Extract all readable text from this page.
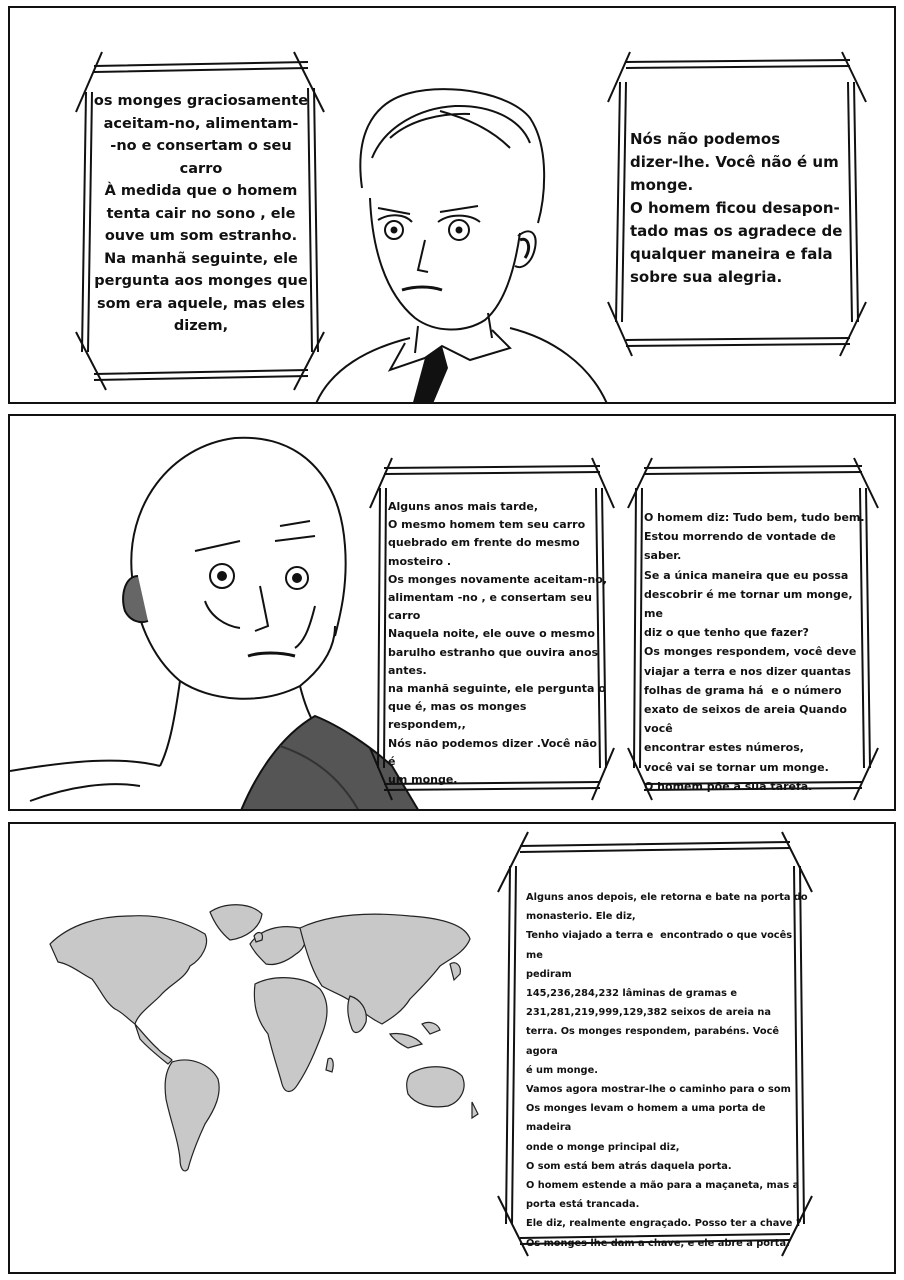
os monges graciosamente
aceitam-no, alimentam-
-no e consertam o seu
carro
À medida que o homem
tenta cair no sono , ele
ouve um som estranho.
Na manhã seguinte, ele
pergunta aos monges que
som era aquele, mas eles
dizem,
Nós não podemos
dizer-lhe. Você não é um
monge.
O homem ficou desapon-
tado mas os agradece de
qualquer maneira e fala
sobre sua alegria.
Alguns anos mais tarde,
O mesmo homem tem seu carro
quebrado em frente do mesmo
mosteiro .
Os monges novamente aceitam-no,
alimentam -no , e consertam seu
carro
Naquela noite, ele ouve o mesmo
barulho estranho que ouvira anos
antes.
na manhã seguinte, ele pergunta o
que é, mas os monges respondem,,
Nós não podemos dizer .Você não é
um monge.
O homem diz: Tudo bem, tudo bem.
Estou morrendo de vontade de saber.
Se a única maneira que eu possa
descobrir é me tornar um monge, me
diz o que tenho que fazer?
Os monges respondem, você deve
viajar a terra e nos dizer quantas
folhas de grama há  e o número
exato de seixos de areia Quando você
encontrar estes números,
você vai se tornar um monge.
O homem põe a sua tarefa.
Alguns anos depois, ele retorna e bate na porta do
monasterio. Ele diz,
Tenho viajado a terra e  encontrado o que vocês me
pediram
145,236,284,232 lâminas de gramas e
231,281,219,999,129,382 seixos de areia na
terra. Os monges respondem, parabéns. Você agora
é um monge.
Vamos agora mostrar-lhe o caminho para o som
Os monges levam o homem a uma porta de madeira
onde o monge principal diz,
O som está bem atrás daquela porta.
O homem estende a mão para a maçaneta, mas a
porta está trancada.
Ele diz, realmente engraçado. Posso ter a chave ?
Os monges lhe dam a chave, e ele abre a porta.
